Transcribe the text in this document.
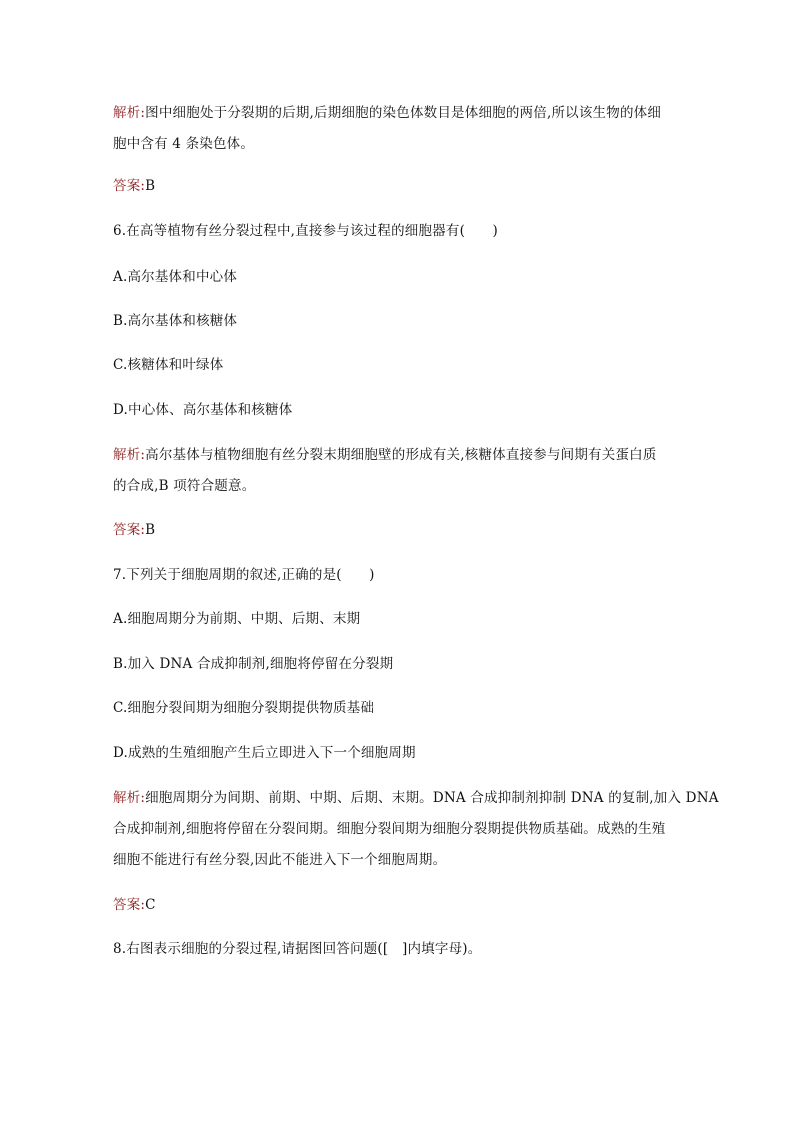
解析:图中细胞处于分裂期的后期,后期细胞的染色体数目是体细胞的两倍,所以该生物的体细
胞中含有 4 条染色体。
答案:B
6.在高等植物有丝分裂过程中,直接参与该过程的细胞器有(　　)
A.高尔基体和中心体
B.高尔基体和核糖体
C.核糖体和叶绿体
D.中心体、高尔基体和核糖体
解析:高尔基体与植物细胞有丝分裂末期细胞壁的形成有关,核糖体直接参与间期有关蛋白质
的合成,B 项符合题意。
答案:B
7.下列关于细胞周期的叙述,正确的是(　　)
A.细胞周期分为前期、中期、后期、末期
B.加入 DNA 合成抑制剂,细胞将停留在分裂期
C.细胞分裂间期为细胞分裂期提供物质基础
D.成熟的生殖细胞产生后立即进入下一个细胞周期
解析:细胞周期分为间期、前期、中期、后期、末期。DNA 合成抑制剂抑制 DNA 的复制,加入 DNA
合成抑制剂,细胞将停留在分裂间期。细胞分裂间期为细胞分裂期提供物质基础。成熟的生殖
细胞不能进行有丝分裂,因此不能进入下一个细胞周期。
答案:C
8.右图表示细胞的分裂过程,请据图回答问题([　]内填字母)。
